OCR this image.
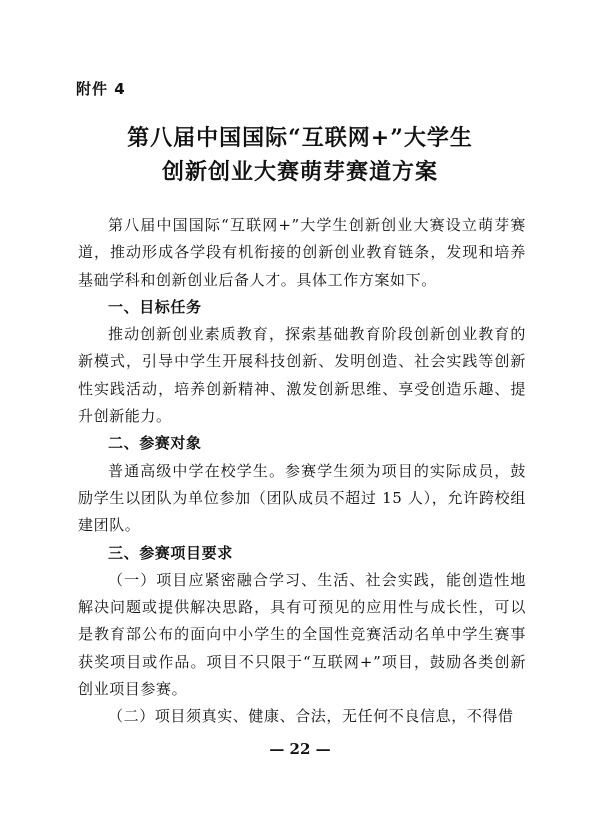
附件 4
第八届中国国际“互联网+”大学生
创新创业大赛萌芽赛道方案

第八届中国国际“互联网+”大学生创新创业大赛设立萌芽赛道，推动形成各学段有机衔接的创新创业教育链条，发现和培养基础学科和创新创业后备人才。具体工作方案如下。

一、目标任务

推动创新创业素质教育，探索基础教育阶段创新创业教育的新模式，引导中学生开展科技创新、发明创造、社会实践等创新性实践活动，培养创新精神、激发创新思维、享受创造乐趣、提升创新能力。

二、参赛对象

普通高级中学在校学生。参赛学生须为项目的实际成员，鼓励学生以团队为单位参加（团队成员不超过 15 人），允许跨校组建团队。

三、参赛项目要求

（一）项目应紧密融合学习、生活、社会实践，能创造性地解决问题或提供解决思路，具有可预见的应用性与成长性，可以是教育部公布的面向中小学生的全国性竞赛活动名单中学生赛事获奖项目或作品。项目不只限于“互联网+”项目，鼓励各类创新创业项目参赛。

（二）项目须真实、健康、合法，无任何不良信息，不得借

— 22 —
